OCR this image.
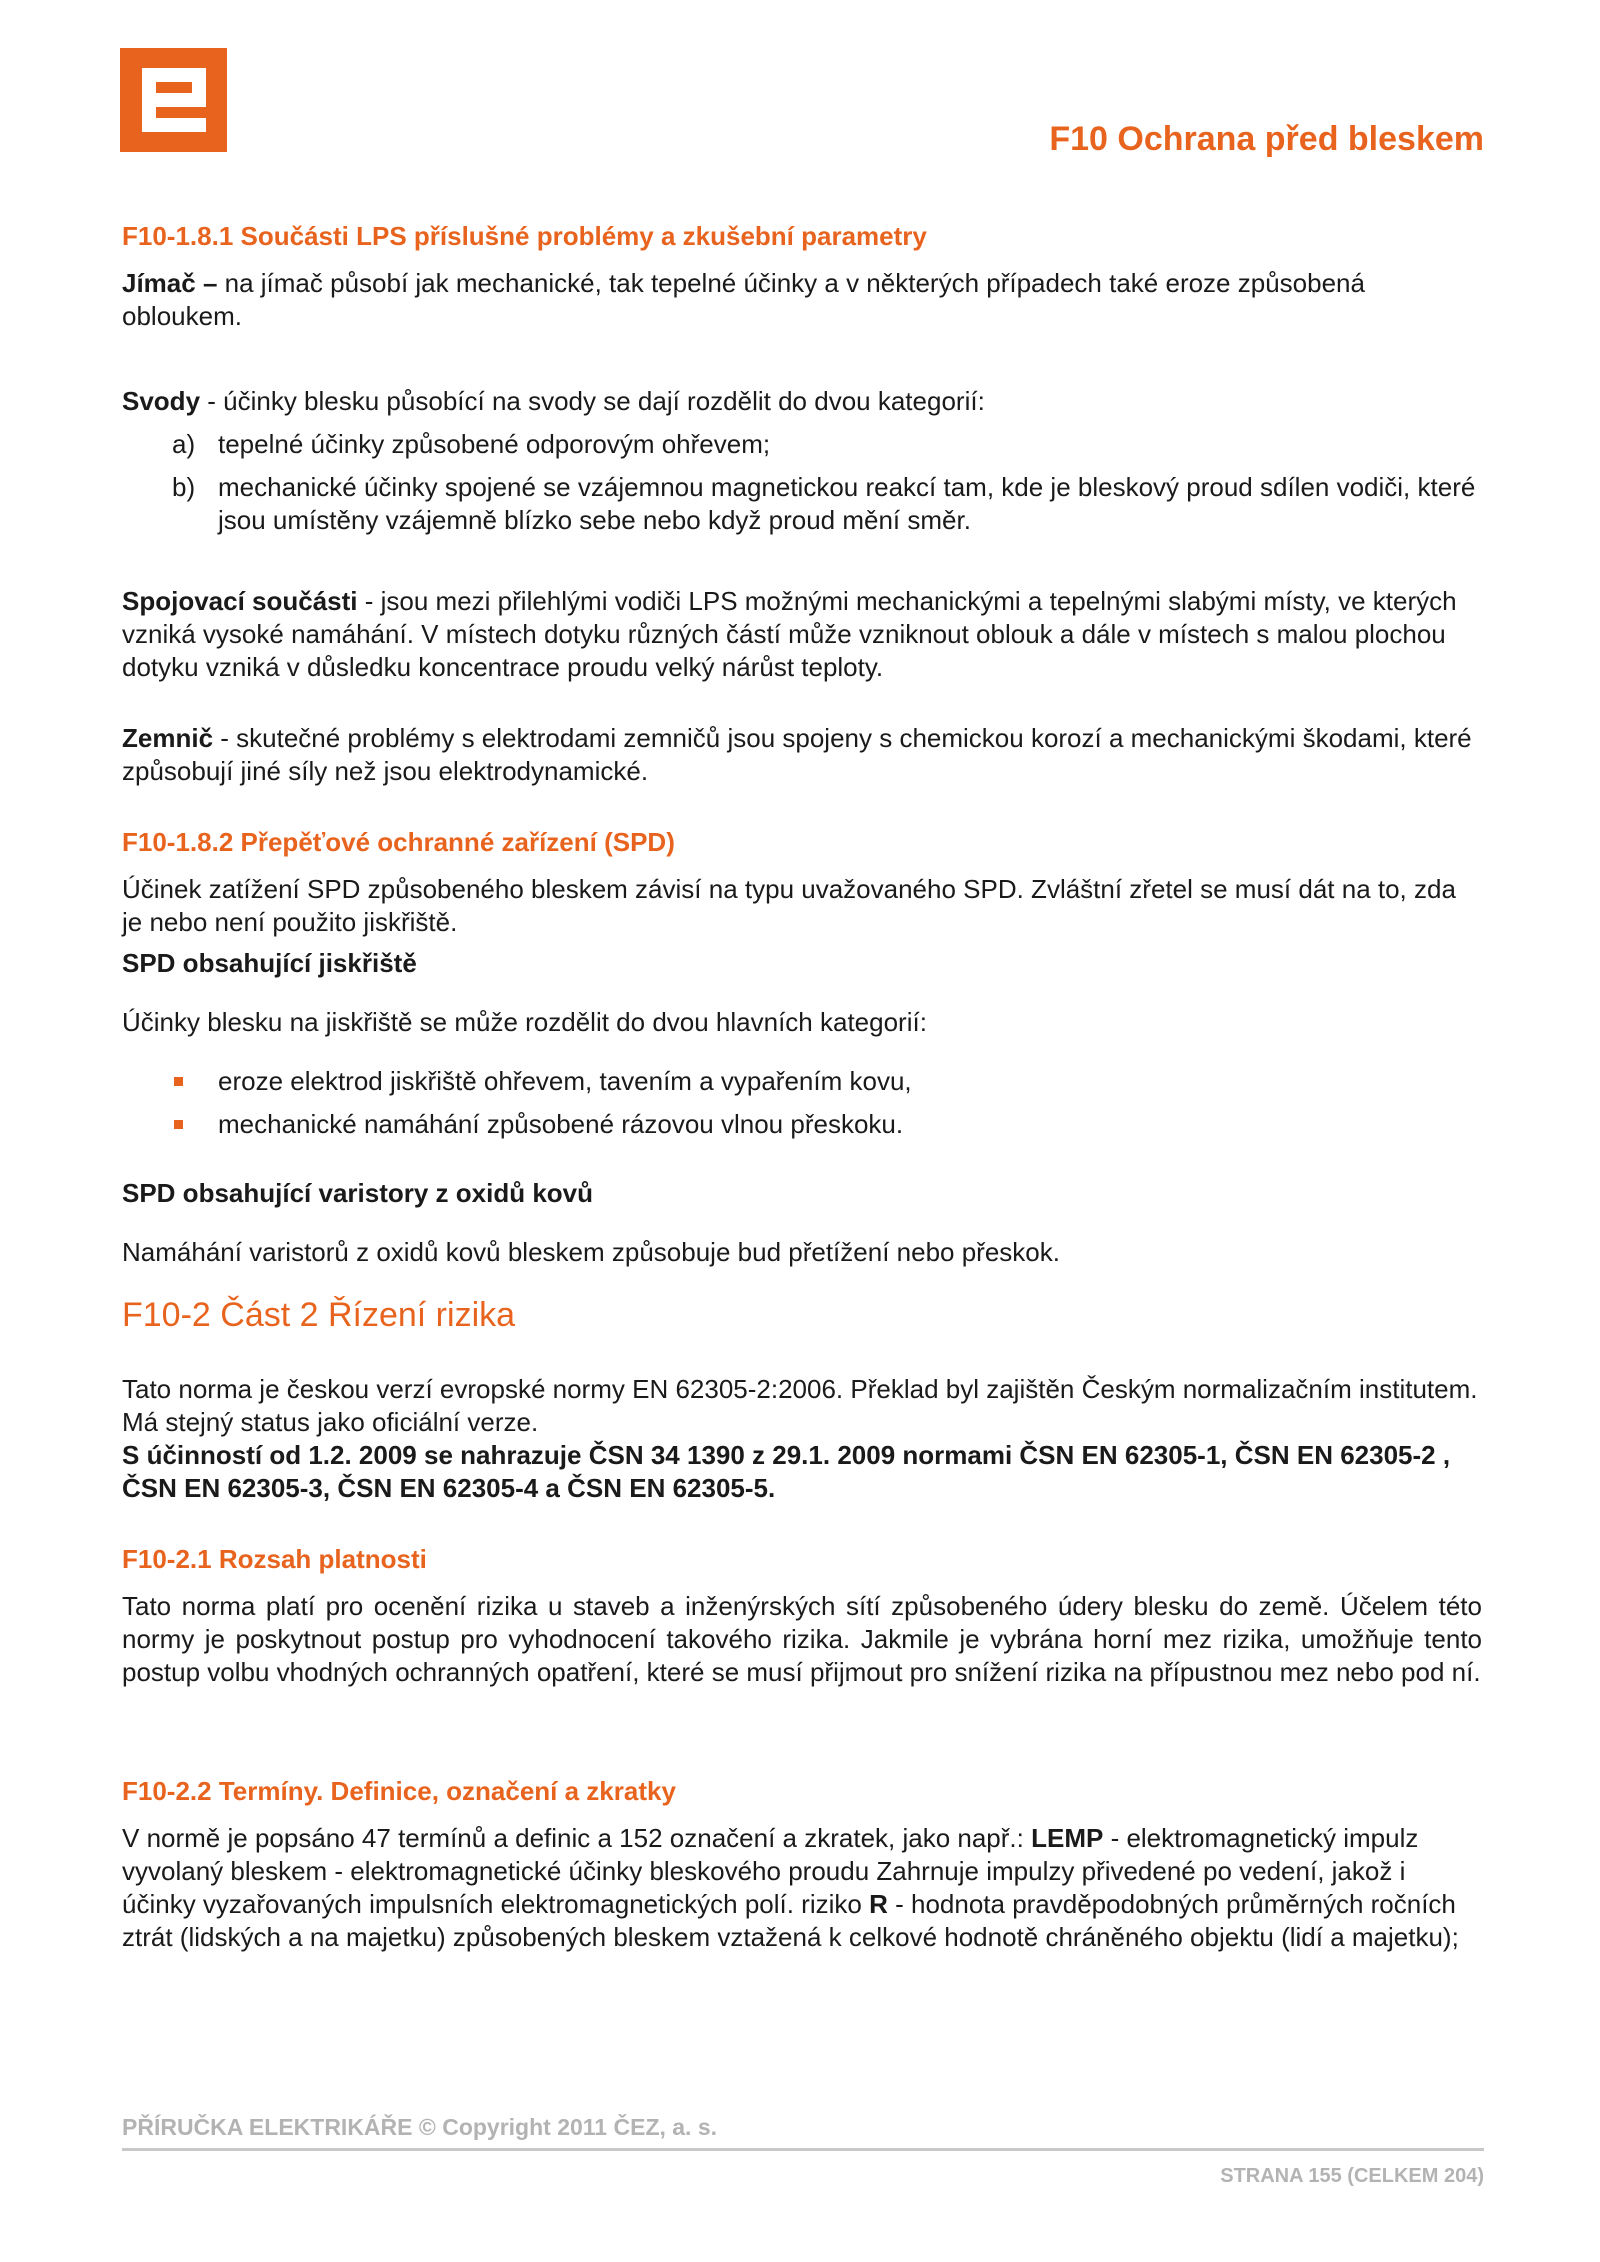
F10 Ochrana před bleskem
F10-1.8.1 Součásti LPS příslušné problémy a zkušební parametry

Jímač – na jímač působí jak mechanické, tak tepelné účinky a v některých případech také eroze způsobená obloukem.

Svody - účinky blesku působící na svody se dají rozdělit do dvou kategorií:

a) tepelné účinky způsobené odporovým ohřevem;
b) mechanické účinky spojené se vzájemnou magnetickou reakcí tam, kde je bleskový proud sdílen vodiči, které jsou umístěny vzájemně blízko sebe nebo když proud mění směr.

Spojovací součásti - jsou mezi přilehlými vodiči LPS možnými mechanickými a tepelnými slabými místy, ve kterých vzniká vysoké namáhání. V místech dotyku různých částí může vzniknout oblouk a dále v místech s malou plochou dotyku vzniká v důsledku koncentrace proudu velký nárůst teploty.

Zemnič - skutečné problémy s elektrodami zemničů jsou spojeny s chemickou korozí a mechanickými škodami, které způsobují jiné síly než jsou elektrodynamické.

F10-1.8.2 Přepěťové ochranné zařízení (SPD)

Účinek zatížení SPD způsobeného bleskem závisí na typu uvažovaného SPD. Zvláštní zřetel se musí dát na to, zda je nebo není použito jiskřiště.

SPD obsahující jiskřiště

Účinky blesku na jiskřiště se může rozdělit do dvou hlavních kategorií:

eroze elektrod jiskřiště ohřevem, tavením a vypařením kovu,
mechanické namáhání způsobené rázovou vlnou přeskoku.

SPD obsahující varistory z oxidů kovů

Namáhání varistorů z oxidů kovů bleskem způsobuje bud přetížení nebo přeskok.

F10-2 Část 2 Řízení rizika

Tato norma je českou verzí evropské normy EN 62305-2:2006. Překlad byl zajištěn Českým normalizačním institutem. Má stejný status jako oficiální verze.

S účinností od 1.2. 2009 se nahrazuje ČSN 34 1390 z 29.1. 2009 normami ČSN EN 62305-1, ČSN EN 62305-2 , ČSN EN 62305-3, ČSN EN 62305-4 a ČSN EN 62305-5.

F10-2.1 Rozsah platnosti

Tato norma platí pro ocenění rizika u staveb a inženýrských sítí způsobeného údery blesku do země. Účelem této normy je poskytnout postup pro vyhodnocení takového rizika. Jakmile je vybrána horní mez rizika, umožňuje tento postup volbu vhodných ochranných opatření, které se musí přijmout pro snížení rizika na přípustnou mez nebo pod ní.

F10-2.2 Termíny. Definice, označení a zkratky

V normě je popsáno 47 termínů a definic a 152 označení a zkratek, jako např.: LEMP - elektromagnetický impulz vyvolaný bleskem - elektromagnetické účinky bleskového proudu Zahrnuje impulzy přivedené po vedení, jakož i účinky vyzařovaných impulsních elektromagnetických polí. riziko R - hodnota pravděpodobných průměrných ročních ztrát (lidských a na majetku) způsobených bleskem vztažená k celkové hodnotě chráněného objektu (lidí a majetku);

PŘÍRUČKA ELEKTRIKÁŘE © Copyright 2011 ČEZ, a. s.

STRANA 155 (CELKEM 204)
